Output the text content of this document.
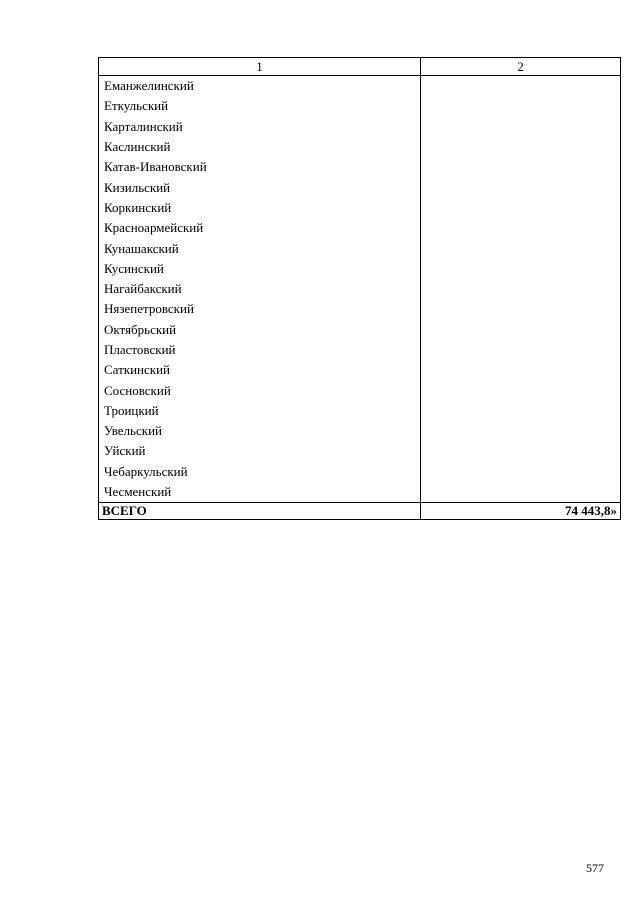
1	2
Еманжелинский	
Еткульский	
Карталинский	
Каслинский	
Катав-Ивановский	
Кизильский	
Коркинский	
Красноармейский	
Кунашакский	
Кусинский	
Нагайбакский	
Нязепетровский	
Октябрьский	
Пластовский	
Саткинский	
Сосновский	
Троицкий	
Увельский	
Уйский	
Чебаркульский	
Чесменский	
ВСЕГО	74 443,8»
577
